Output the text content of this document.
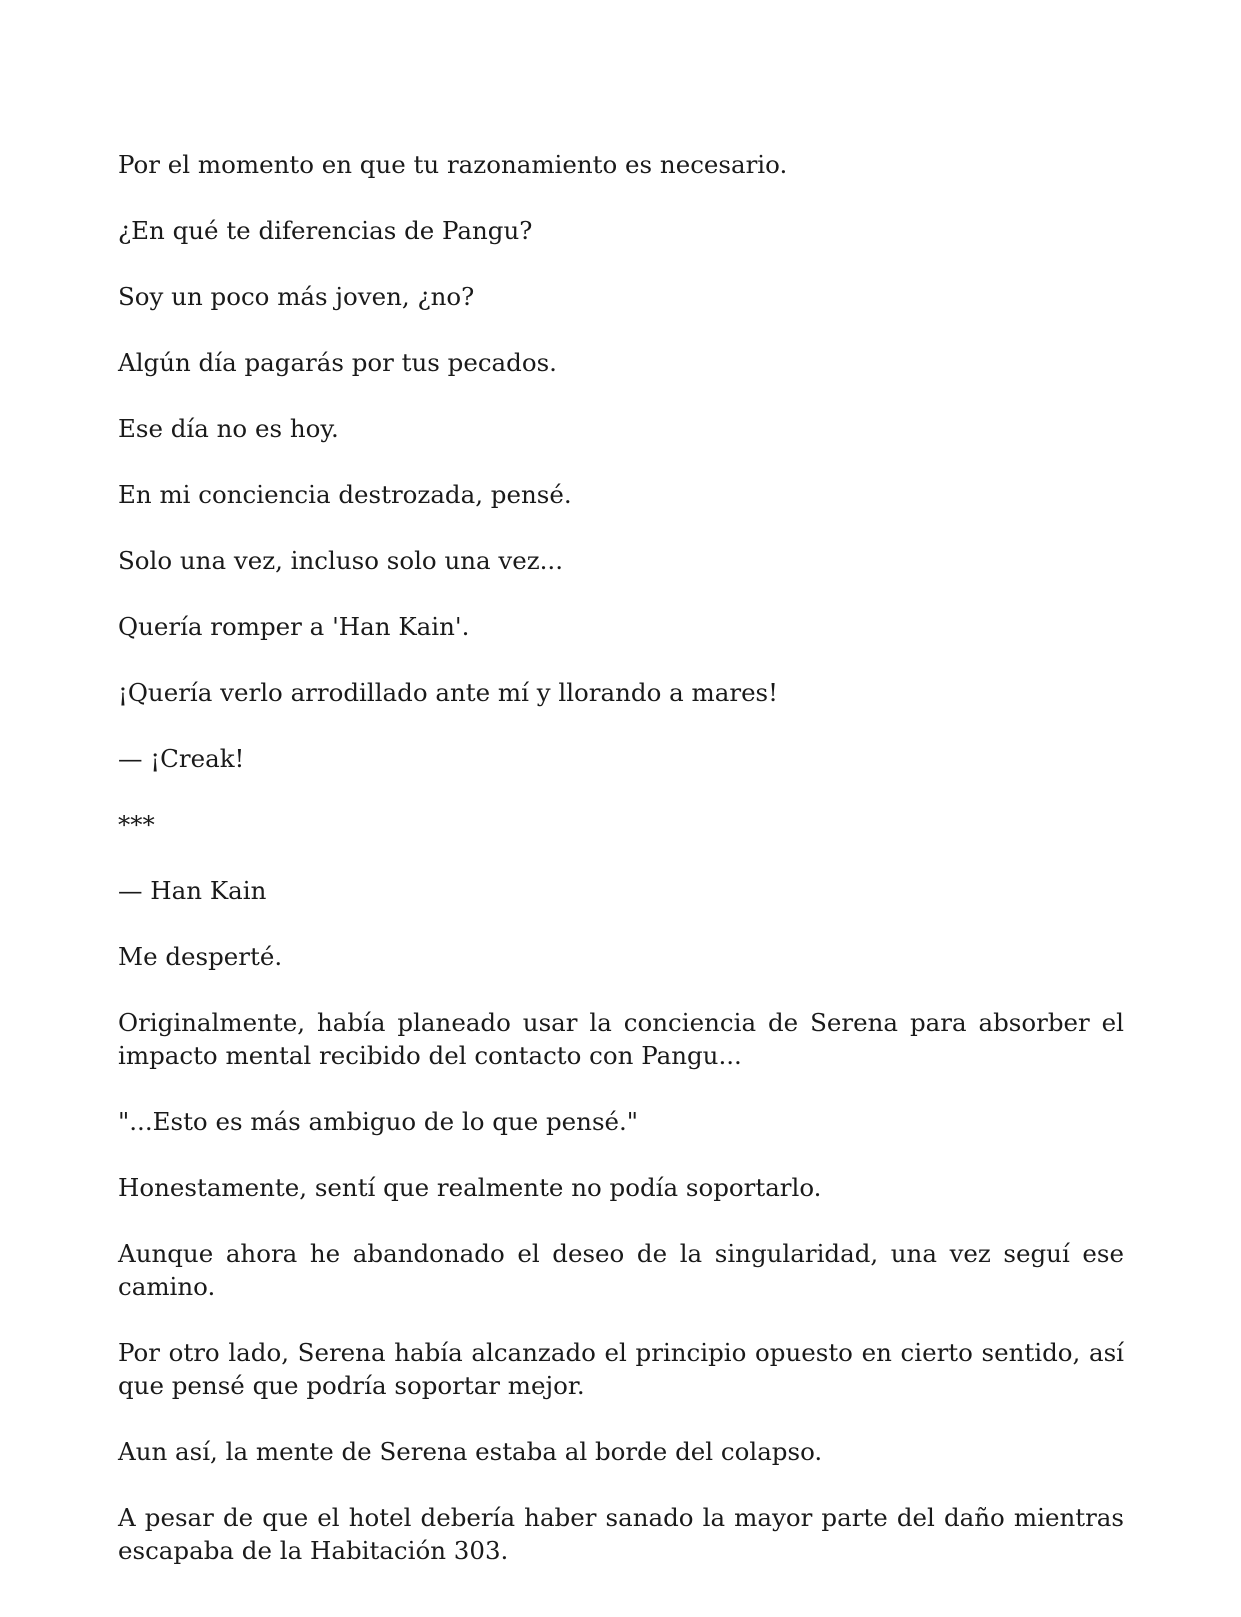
Por el momento en que tu razonamiento es necesario.

¿En qué te diferencias de Pangu?

Soy un poco más joven, ¿no?

Algún día pagarás por tus pecados.

Ese día no es hoy.

En mi conciencia destrozada, pensé.

Solo una vez, incluso solo una vez...

Quería romper a 'Han Kain'.

¡Quería verlo arrodillado ante mí y llorando a mares!

— ¡Creak!

***

— Han Kain

Me desperté.

Originalmente, había planeado usar la conciencia de Serena para absorber el impacto mental recibido del contacto con Pangu...

"...Esto es más ambiguo de lo que pensé."

Honestamente, sentí que realmente no podía soportarlo.

Aunque ahora he abandonado el deseo de la singularidad, una vez seguí ese camino.

Por otro lado, Serena había alcanzado el principio opuesto en cierto sentido, así que pensé que podría soportar mejor.

Aun así, la mente de Serena estaba al borde del colapso.

A pesar de que el hotel debería haber sanado la mayor parte del daño mientras escapaba de la Habitación 303.
